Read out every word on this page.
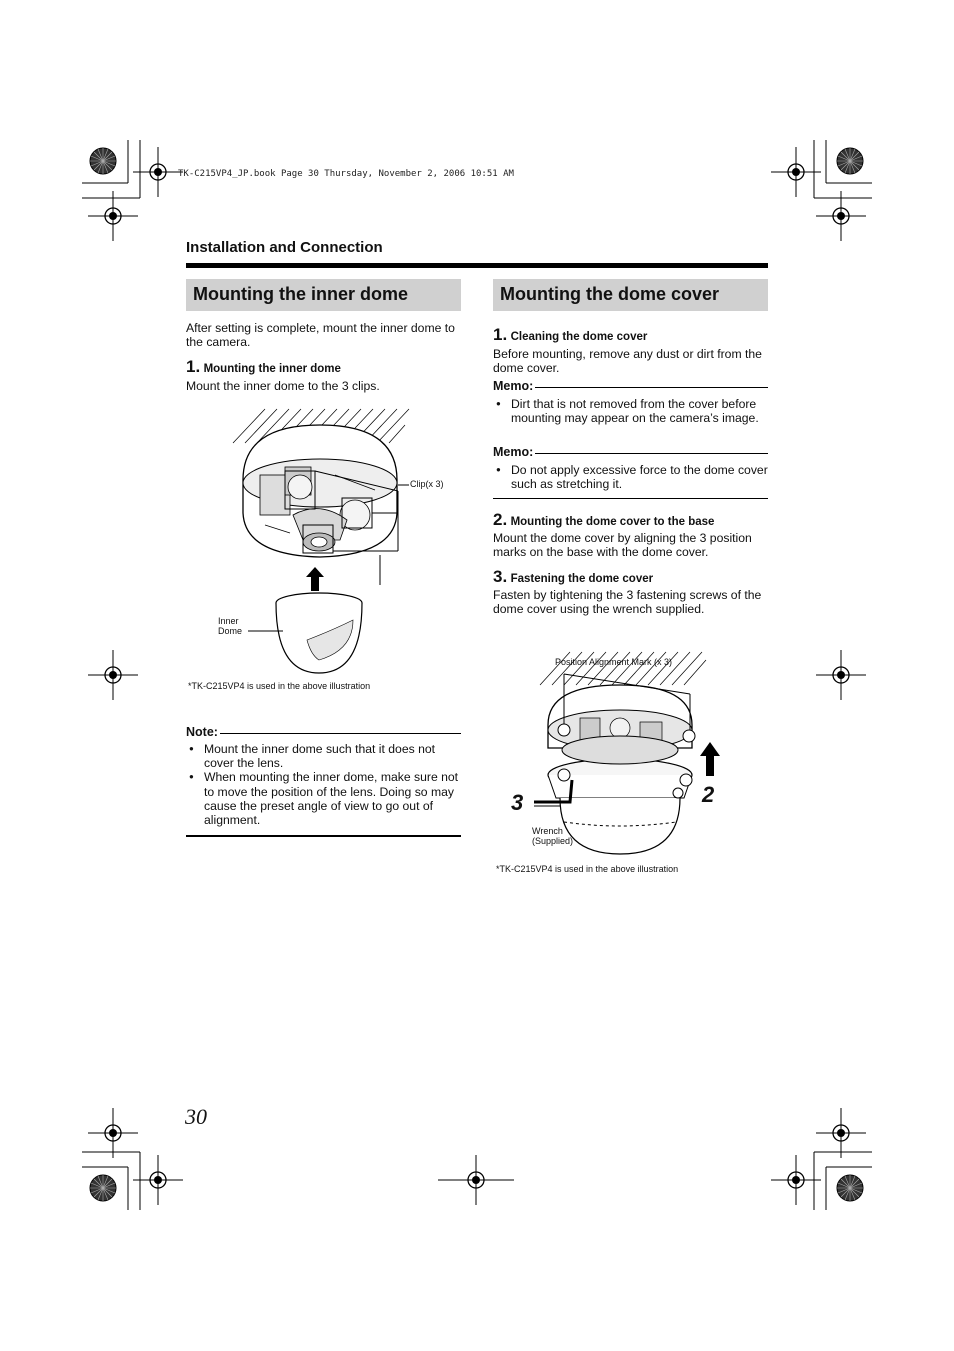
TK-C215VP4_JP.book Page 30 Thursday, November 2, 2006 10:51 AM
Installation and Connection
Mounting the inner dome
After setting is complete, mount the inner dome to the camera.
1. Mounting the inner dome
Mount the inner dome to the 3 clips.
Clip(x 3)
Inner
Dome
*TK-C215VP4 is used in the above illustration
Note:
● Mount the inner dome such that it does not cover the lens.
● When mounting the inner dome, make sure not to move the position of the lens. Doing so may cause the preset angle of view to go out of alignment.
Mounting the dome cover
1. Cleaning the dome cover
Before mounting, remove any dust or dirt from the dome cover.
Memo:
● Dirt that is not removed from the cover before mounting may appear on the camera’s image.
Memo:
● Do not apply excessive force to the dome cover such as stretching it.
2. Mounting the dome cover to the base
Mount the dome cover by aligning the 3 position marks on the base with the dome cover.
3. Fastening the dome cover
Fasten by tightening the 3 fastening screws of the dome cover using the wrench supplied.
Position Alignment Mark (x 3)
3	2
Wrench
(Supplied)
*TK-C215VP4 is used in the above illustration
30
